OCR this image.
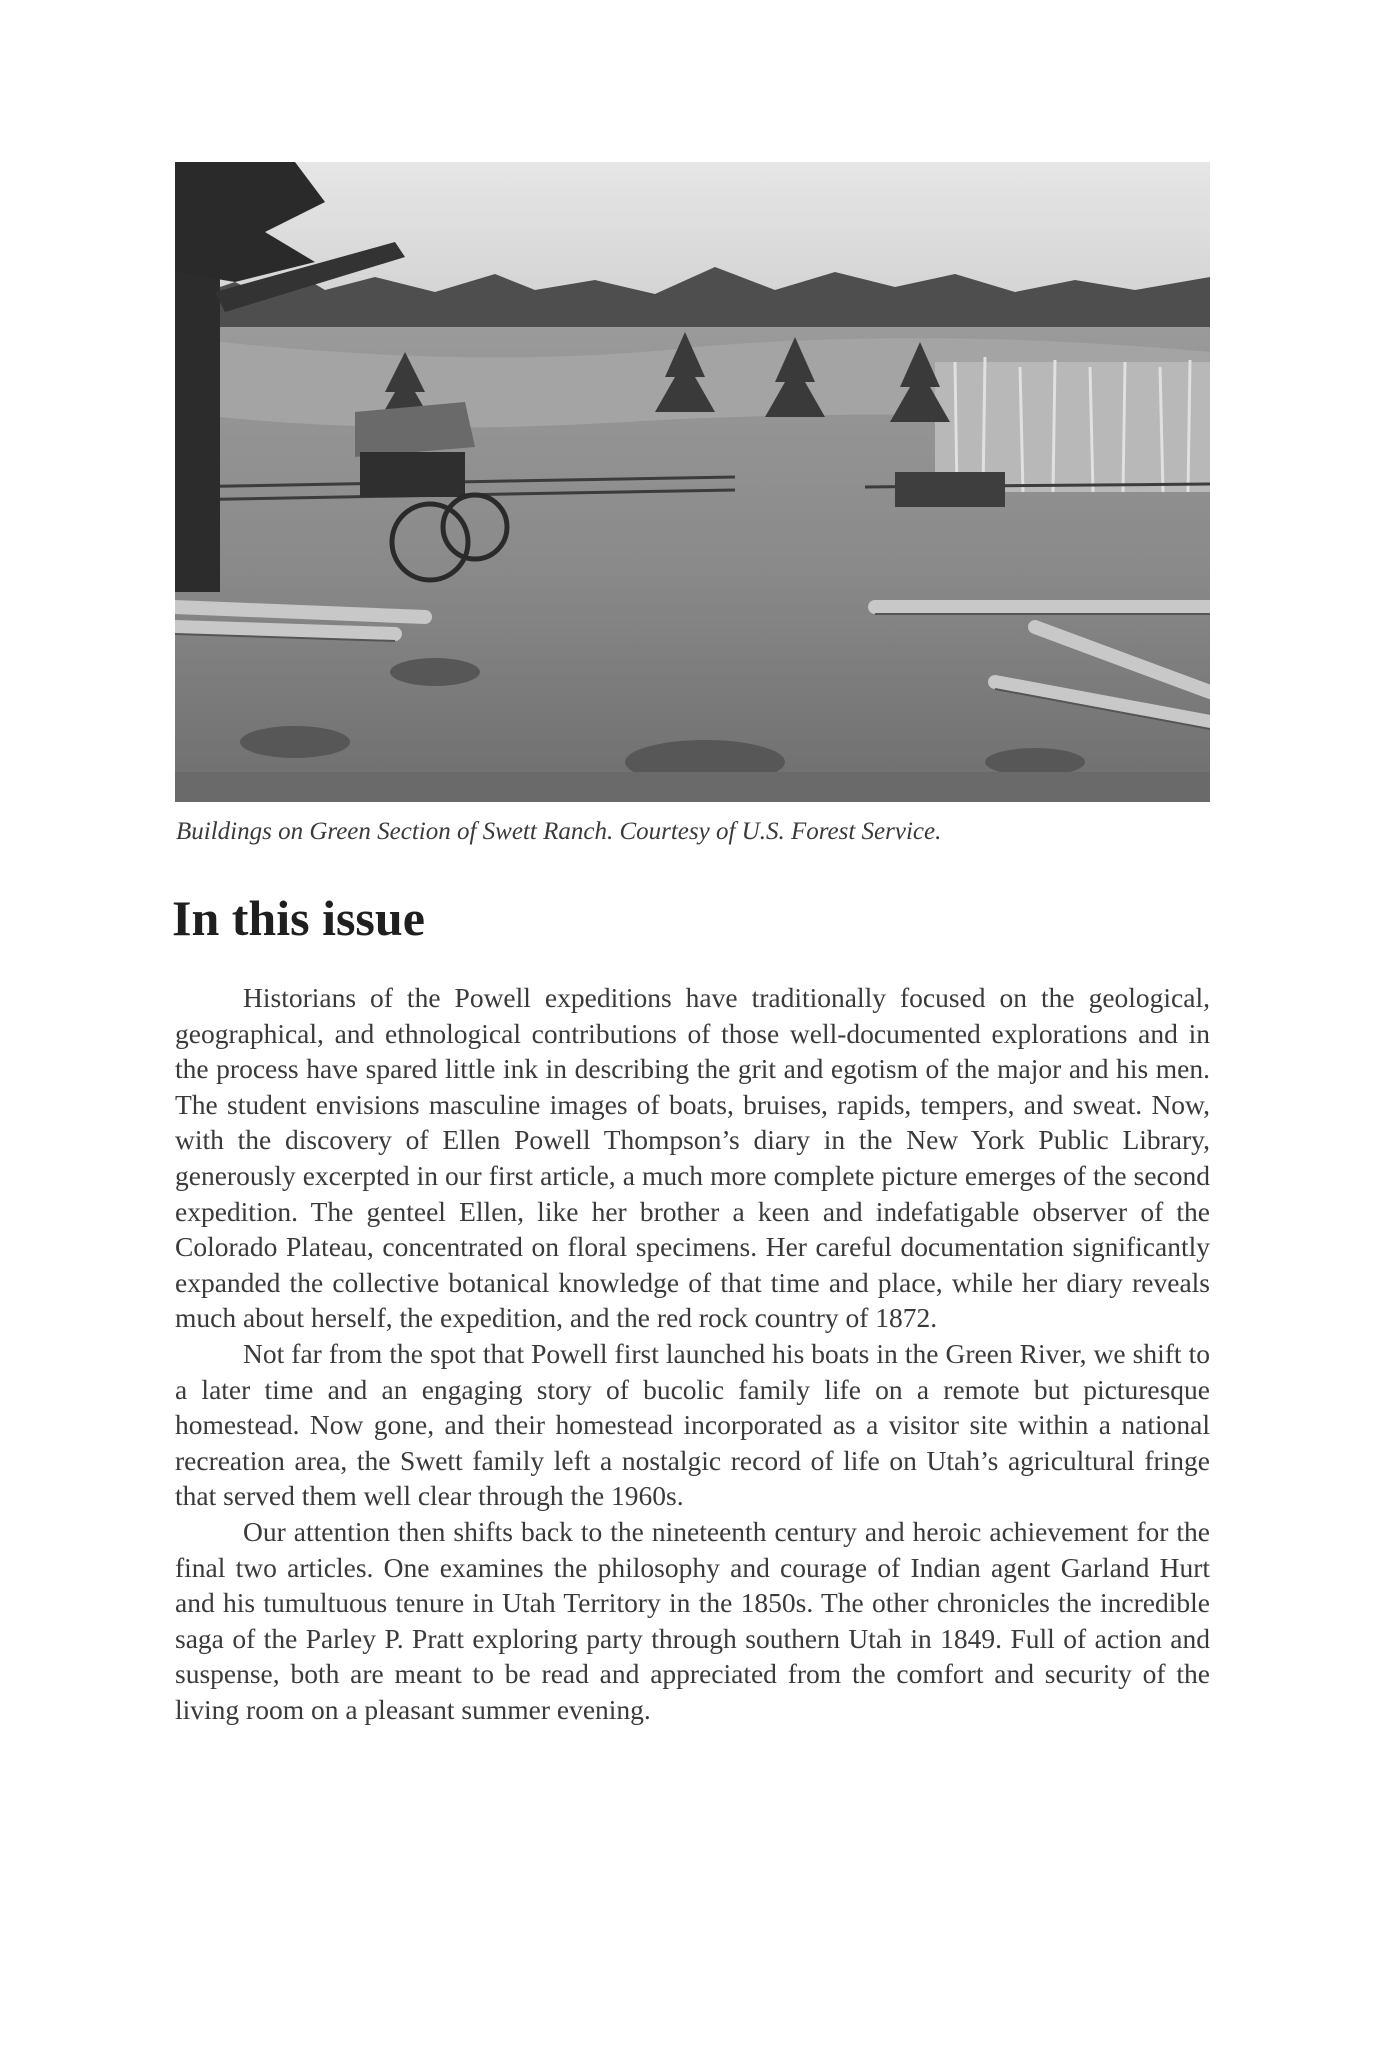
Buildings on Green Section of Swett Ranch. Courtesy of U.S. Forest Service.
In this issue

Historians of the Powell expeditions have traditionally focused on the geological, geographical, and ethnological contributions of those well-documented explorations and in the process have spared little ink in describing the grit and egotism of the major and his men. The student envisions masculine images of boats, bruises, rapids, tempers, and sweat. Now, with the discovery of Ellen Powell Thompson’s diary in the New York Public Library, generously excerpted in our first article, a much more complete picture emerges of the second expedition. The genteel Ellen, like her brother a keen and indefatigable observer of the Colorado Plateau, concentrated on floral specimens. Her careful documentation significantly expanded the collective botanical knowledge of that time and place, while her diary reveals much about herself, the expedition, and the red rock country of 1872.

Not far from the spot that Powell first launched his boats in the Green River, we shift to a later time and an engaging story of bucolic family life on a remote but picturesque homestead. Now gone, and their homestead incorporated as a visitor site within a national recreation area, the Swett family left a nostalgic record of life on Utah’s agricultural fringe that served them well clear through the 1960s.

Our attention then shifts back to the nineteenth century and heroic achievement for the final two articles. One examines the philosophy and courage of Indian agent Garland Hurt and his tumultuous tenure in Utah Territory in the 1850s. The other chronicles the incredible saga of the Parley P. Pratt exploring party through southern Utah in 1849. Full of action and suspense, both are meant to be read and appreciated from the comfort and security of the living room on a pleasant summer evening.
